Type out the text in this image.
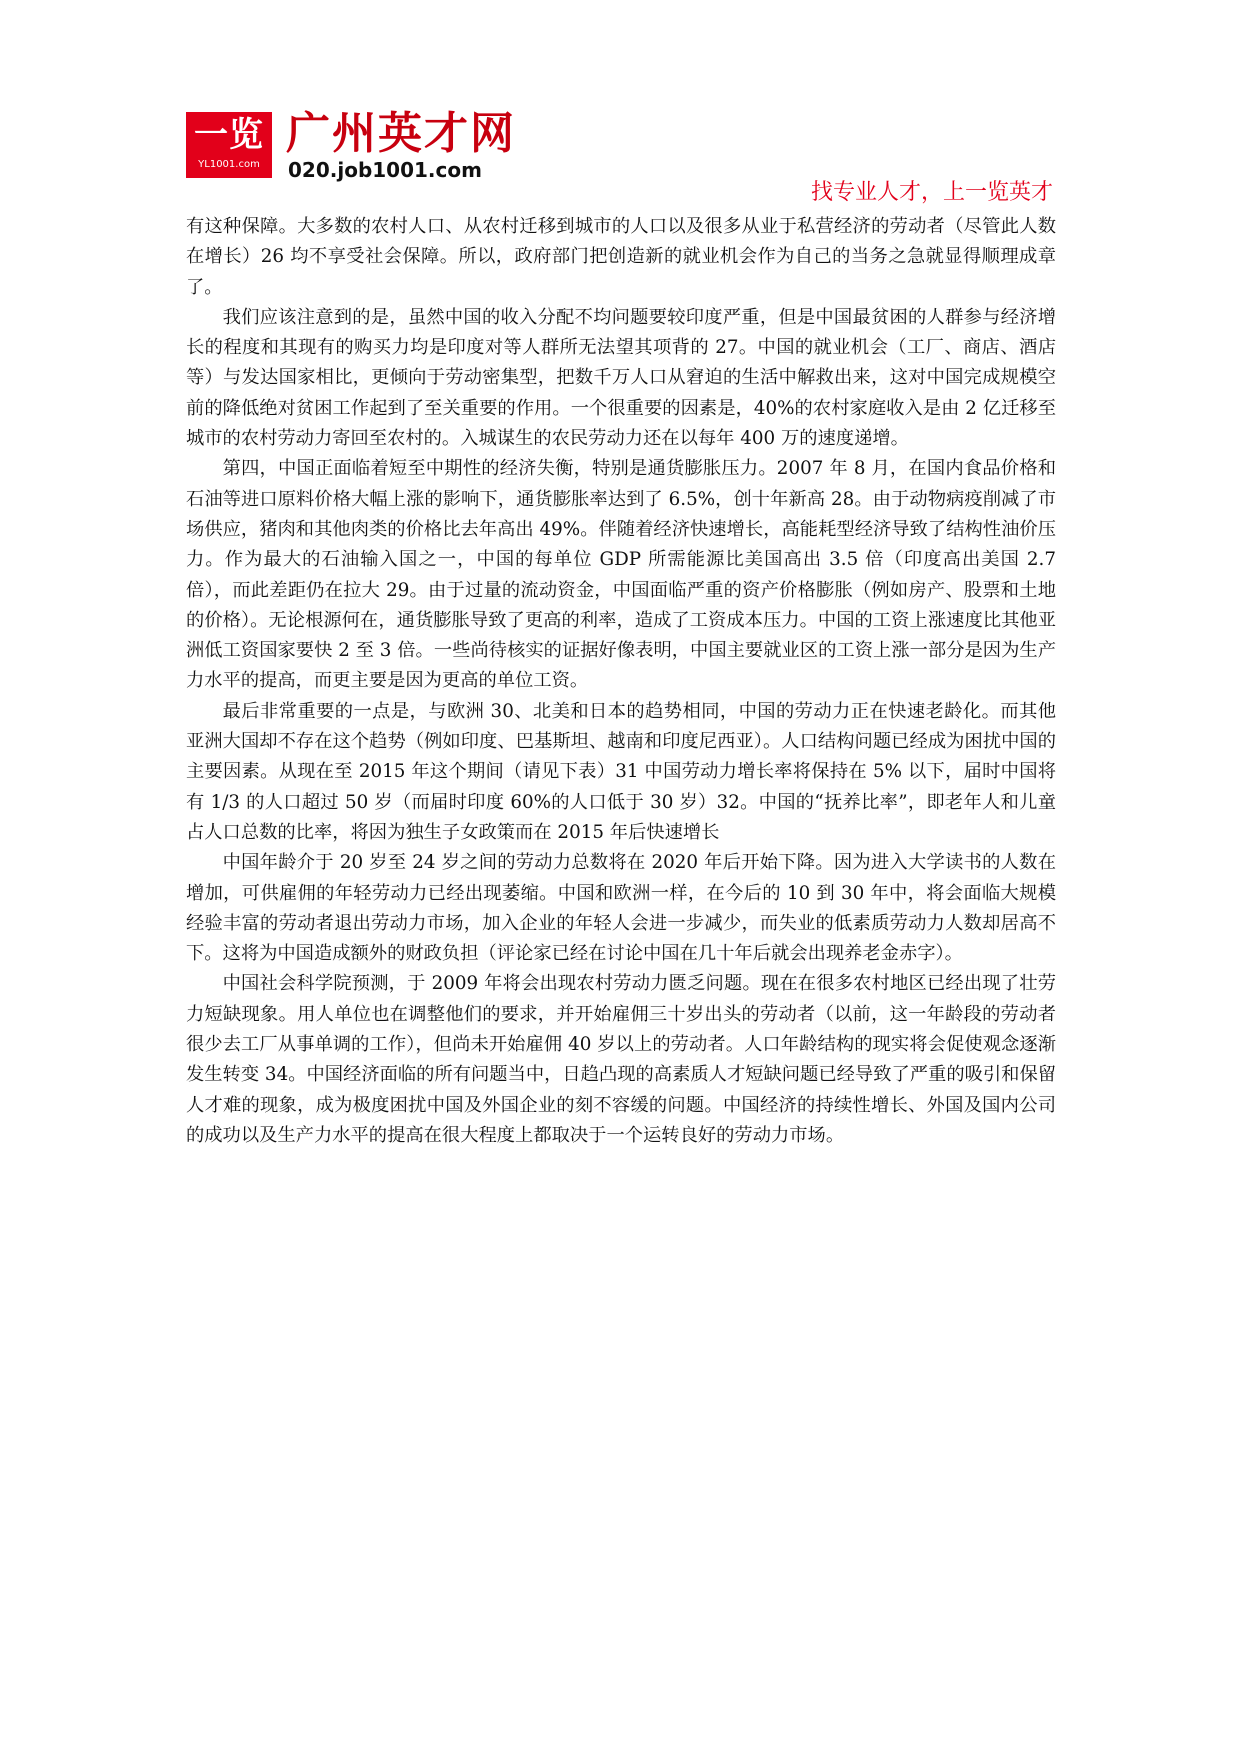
一览
YL1001.com
广州英才网
020.job1001.com
找专业人才，上一览英才

有这种保障。大多数的农村人口、从农村迁移到城市的人口以及很多从业于私营经济的劳动者（尽管此人数在增长）26 均不享受社会保障。所以，政府部门把创造新的就业机会作为自己的当务之急就显得顺理成章了。

我们应该注意到的是，虽然中国的收入分配不均问题要较印度严重，但是中国最贫困的人群参与经济增长的程度和其现有的购买力均是印度对等人群所无法望其项背的 27。中国的就业机会（工厂、商店、酒店等）与发达国家相比，更倾向于劳动密集型，把数千万人口从窘迫的生活中解救出来，这对中国完成规模空前的降低绝对贫困工作起到了至关重要的作用。一个很重要的因素是，40%的农村家庭收入是由 2 亿迁移至城市的农村劳动力寄回至农村的。入城谋生的农民劳动力还在以每年 400 万的速度递增。

第四，中国正面临着短至中期性的经济失衡，特别是通货膨胀压力。2007 年 8 月，在国内食品价格和石油等进口原料价格大幅上涨的影响下，通货膨胀率达到了 6.5%，创十年新高 28。由于动物病疫削减了市场供应，猪肉和其他肉类的价格比去年高出 49%。伴随着经济快速增长，高能耗型经济导致了结构性油价压力。作为最大的石油输入国之一，中国的每单位 GDP 所需能源比美国高出 3.5 倍（印度高出美国 2.7 倍），而此差距仍在拉大 29。由于过量的流动资金，中国面临严重的资产价格膨胀（例如房产、股票和土地的价格）。无论根源何在，通货膨胀导致了更高的利率，造成了工资成本压力。中国的工资上涨速度比其他亚洲低工资国家要快 2 至 3 倍。一些尚待核实的证据好像表明，中国主要就业区的工资上涨一部分是因为生产力水平的提高，而更主要是因为更高的单位工资。

最后非常重要的一点是，与欧洲 30、北美和日本的趋势相同，中国的劳动力正在快速老龄化。而其他亚洲大国却不存在这个趋势（例如印度、巴基斯坦、越南和印度尼西亚）。人口结构问题已经成为困扰中国的主要因素。从现在至 2015 年这个期间（请见下表）31 中国劳动力增长率将保持在 5% 以下，届时中国将有 1/3 的人口超过 50 岁（而届时印度 60%的人口低于 30 岁）32。中国的“抚养比率”，即老年人和儿童占人口总数的比率，将因为独生子女政策而在 2015 年后快速增长

中国年龄介于 20 岁至 24 岁之间的劳动力总数将在 2020 年后开始下降。因为进入大学读书的人数在增加，可供雇佣的年轻劳动力已经出现萎缩。中国和欧洲一样，在今后的 10 到 30 年中，将会面临大规模经验丰富的劳动者退出劳动力市场，加入企业的年轻人会进一步减少，而失业的低素质劳动力人数却居高不下。这将为中国造成额外的财政负担（评论家已经在讨论中国在几十年后就会出现养老金赤字）。

中国社会科学院预测，于 2009 年将会出现农村劳动力匮乏问题。现在在很多农村地区已经出现了壮劳力短缺现象。用人单位也在调整他们的要求，并开始雇佣三十岁出头的劳动者（以前，这一年龄段的劳动者很少去工厂从事单调的工作），但尚未开始雇佣 40 岁以上的劳动者。人口年龄结构的现实将会促使观念逐渐发生转变 34。中国经济面临的所有问题当中，日趋凸现的高素质人才短缺问题已经导致了严重的吸引和保留人才难的现象，成为极度困扰中国及外国企业的刻不容缓的问题。中国经济的持续性增长、外国及国内公司的成功以及生产力水平的提高在很大程度上都取决于一个运转良好的劳动力市场。
